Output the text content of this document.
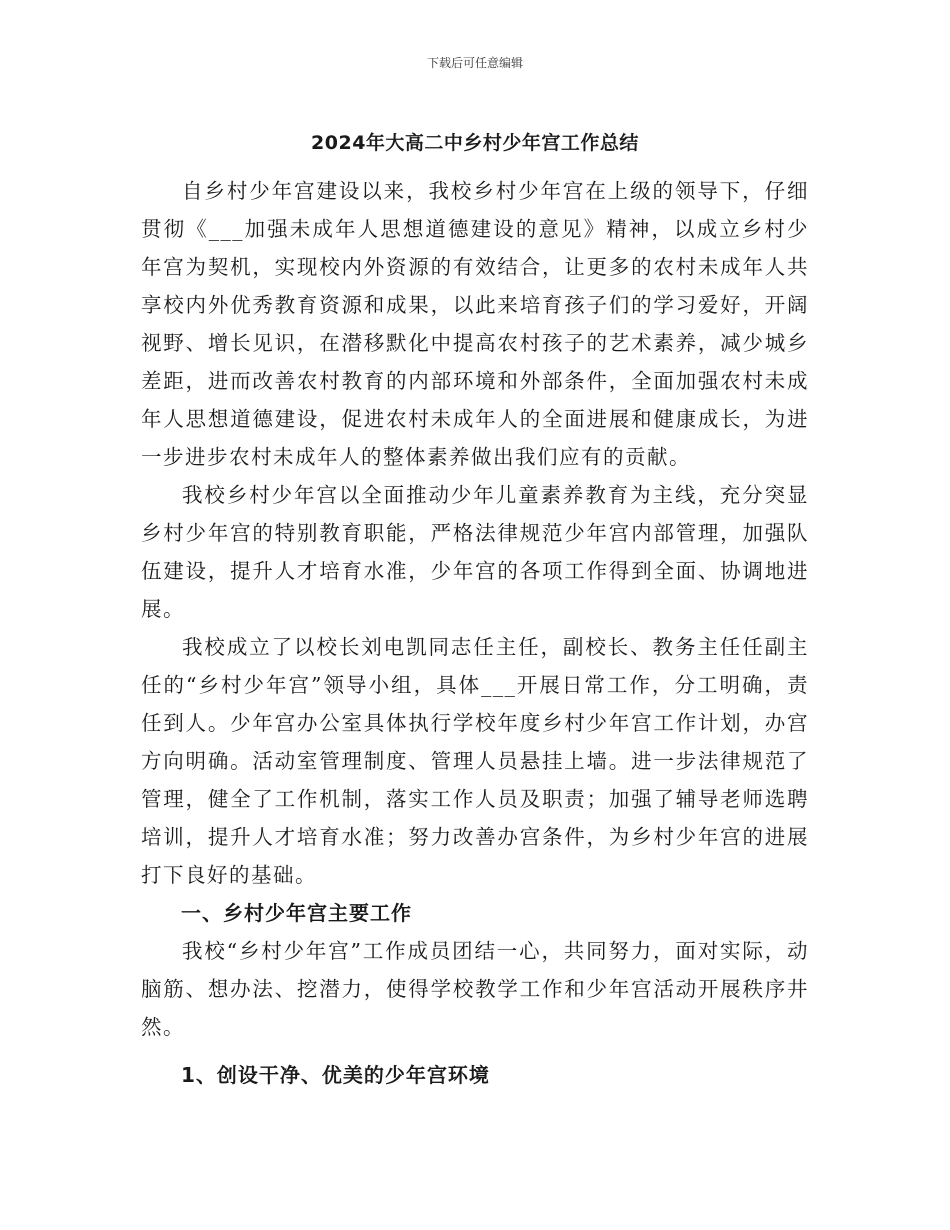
下载后可任意编辑
2024年大高二中乡村少年宫工作总结

自乡村少年宫建设以来，我校乡村少年宫在上级的领导下，仔细贯彻《___加强未成年人思想道德建设的意见》精神，以成立乡村少年宫为契机，实现校内外资源的有效结合，让更多的农村未成年人共享校内外优秀教育资源和成果，以此来培育孩子们的学习爱好，开阔视野、增长见识，在潜移默化中提高农村孩子的艺术素养，减少城乡差距，进而改善农村教育的内部环境和外部条件，全面加强农村未成年人思想道德建设，促进农村未成年人的全面进展和健康成长，为进一步进步农村未成年人的整体素养做出我们应有的贡献。

我校乡村少年宫以全面推动少年儿童素养教育为主线，充分突显乡村少年宫的特别教育职能，严格法律规范少年宫内部管理，加强队伍建设，提升人才培育水准，少年宫的各项工作得到全面、协调地进展。

我校成立了以校长刘电凯同志任主任，副校长、教务主任任副主任的“乡村少年宫”领导小组，具体___开展日常工作，分工明确，责任到人。少年宫办公室具体执行学校年度乡村少年宫工作计划，办宫方向明确。活动室管理制度、管理人员悬挂上墙。进一步法律规范了管理，健全了工作机制，落实工作人员及职责；加强了辅导老师选聘培训，提升人才培育水准；努力改善办宫条件，为乡村少年宫的进展打下良好的基础。

一、乡村少年宫主要工作

我校“乡村少年宫”工作成员团结一心，共同努力，面对实际，动脑筋、想办法、挖潜力，使得学校教学工作和少年宫活动开展秩序井然。

1、创设干净、优美的少年宫环境
